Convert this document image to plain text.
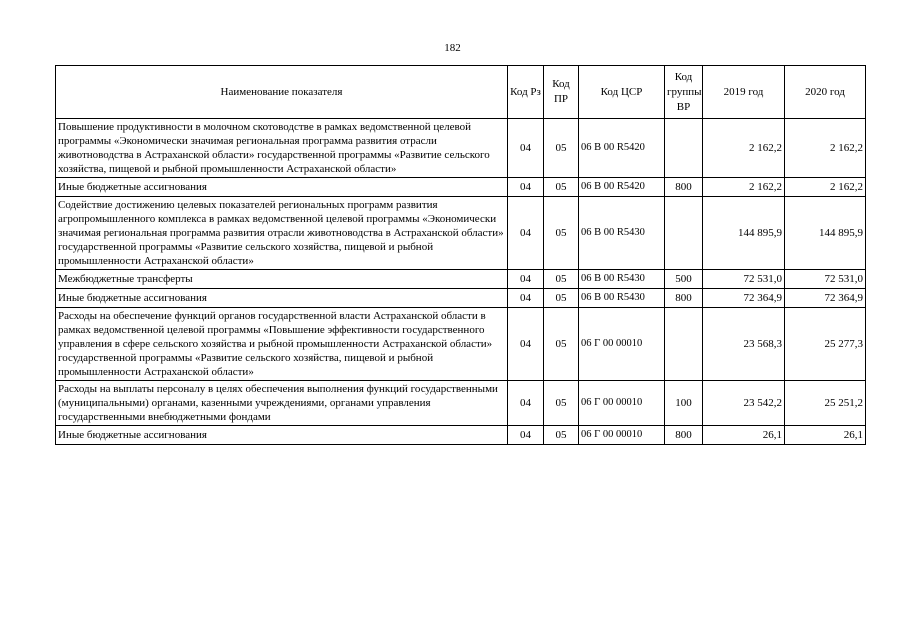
182
Наименование показателя	Код Рз	Код ПР	Код ЦСР	Код группы ВР	2019 год	2020 год
Повышение продуктивности в молочном скотоводстве в рамках ведомственной целевой программы «Экономически значимая региональная программа развития отрасли животноводства в Астраханской области» государственной программы «Развитие сельского хозяйства, пищевой и рыбной промышленности Астраханской области»	04	05	06 В 00 R5420		2 162,2	2 162,2
Иные бюджетные ассигнования	04	05	06 В 00 R5420	800	2 162,2	2 162,2
Содействие достижению целевых показателей региональных программ развития агропромышленного комплекса в рамках ведомственной целевой программы «Экономически значимая региональная программа развития отрасли животноводства в Астраханской области» государственной программы «Развитие сельского хозяйства, пищевой и рыбной промышленности Астраханской области»	04	05	06 В 00 R5430		144 895,9	144 895,9
Межбюджетные трансферты	04	05	06 В 00 R5430	500	72 531,0	72 531,0
Иные бюджетные ассигнования	04	05	06 В 00 R5430	800	72 364,9	72 364,9
Расходы на обеспечение функций органов государственной власти Астраханской области в рамках ведомственной целевой программы «Повышение эффективности государственного управления в сфере сельского хозяйства и рыбной промышленности Астраханской области» государственной программы «Развитие сельского хозяйства, пищевой и рыбной промышленности Астраханской области»	04	05	06 Г 00 00010		23 568,3	25 277,3
Расходы на выплаты персоналу в целях обеспечения выполнения функций государственными (муниципальными) органами, казенными учреждениями, органами управления государственными внебюджетными фондами	04	05	06 Г 00 00010	100	23 542,2	25 251,2
Иные бюджетные ассигнования	04	05	06 Г 00 00010	800	26,1	26,1
